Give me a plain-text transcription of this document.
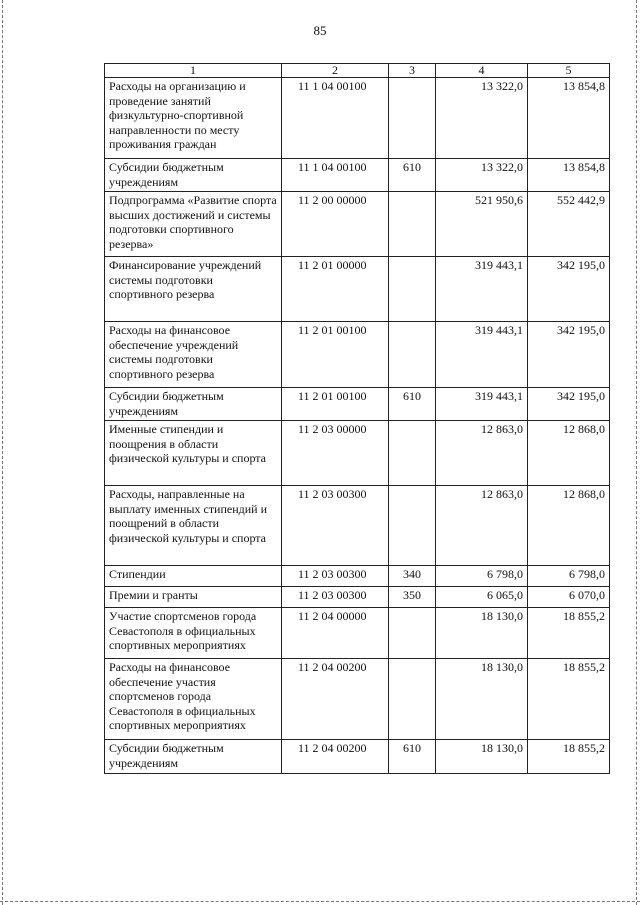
85
1	2	3	4	5
Расходы на организацию и проведение занятий физкультурно-спортивной направленности по месту проживания граждан	11 1 04 00100		13 322,0	13 854,8
Субсидии бюджетным учреждениям	11 1 04 00100	610	13 322,0	13 854,8
Подпрограмма «Развитие спорта высших достижений и системы подготовки спортивного резерва»	11 2 00 00000		521 950,6	552 442,9
Финансирование учреждений системы подготовки спортивного резерва	11 2 01 00000		319 443,1	342 195,0
Расходы на финансовое обеспечение учреждений системы подготовки спортивного резерва	11 2 01 00100		319 443,1	342 195,0
Субсидии бюджетным учреждениям	11 2 01 00100	610	319 443,1	342 195,0
Именные стипендии и поощрения в области физической культуры и спорта	11 2 03 00000		12 863,0	12 868,0
Расходы, направленные на выплату именных стипендий и поощрений в области физической культуры и спорта	11 2 03 00300		12 863,0	12 868,0
Стипендии	11 2 03 00300	340	6 798,0	6 798,0
Премии и гранты	11 2 03 00300	350	6 065,0	6 070,0
Участие спортсменов города Севастополя в официальных спортивных мероприятиях	11 2 04 00000		18 130,0	18 855,2
Расходы на финансовое обеспечение участия спортсменов города Севастополя в официальных спортивных мероприятиях	11 2 04 00200		18 130,0	18 855,2
Субсидии бюджетным учреждениям	11 2 04 00200	610	18 130,0	18 855,2
